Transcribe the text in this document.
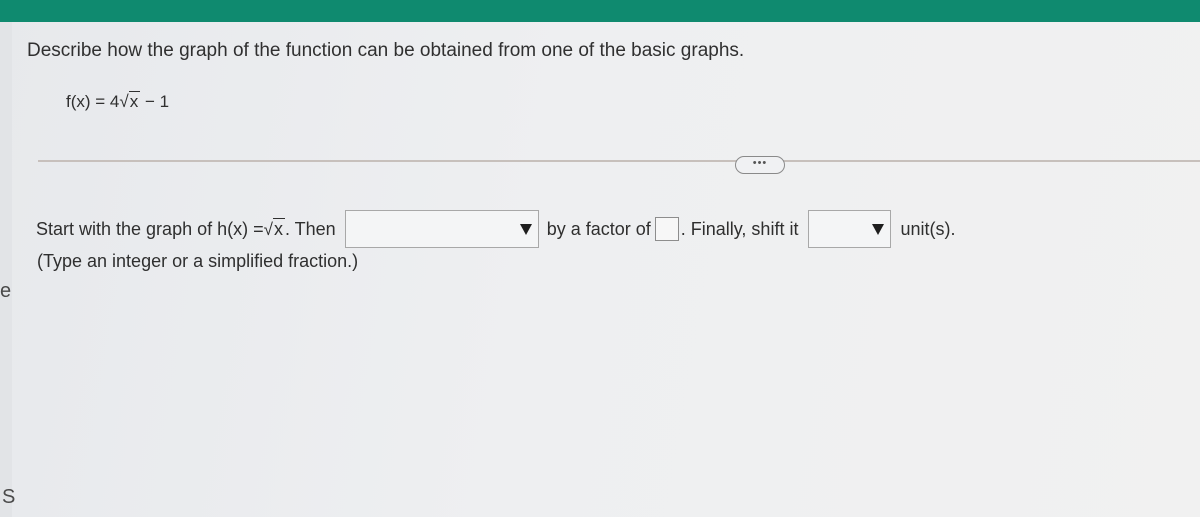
e
S
Describe how the graph of the function can be obtained from one of the basic graphs.
f(x) = 4√x − 1
•••
Start with the graph of h(x) = √x . Then	by a factor of . Finally, shift it	unit(s).
(Type an integer or a simplified fraction.)
